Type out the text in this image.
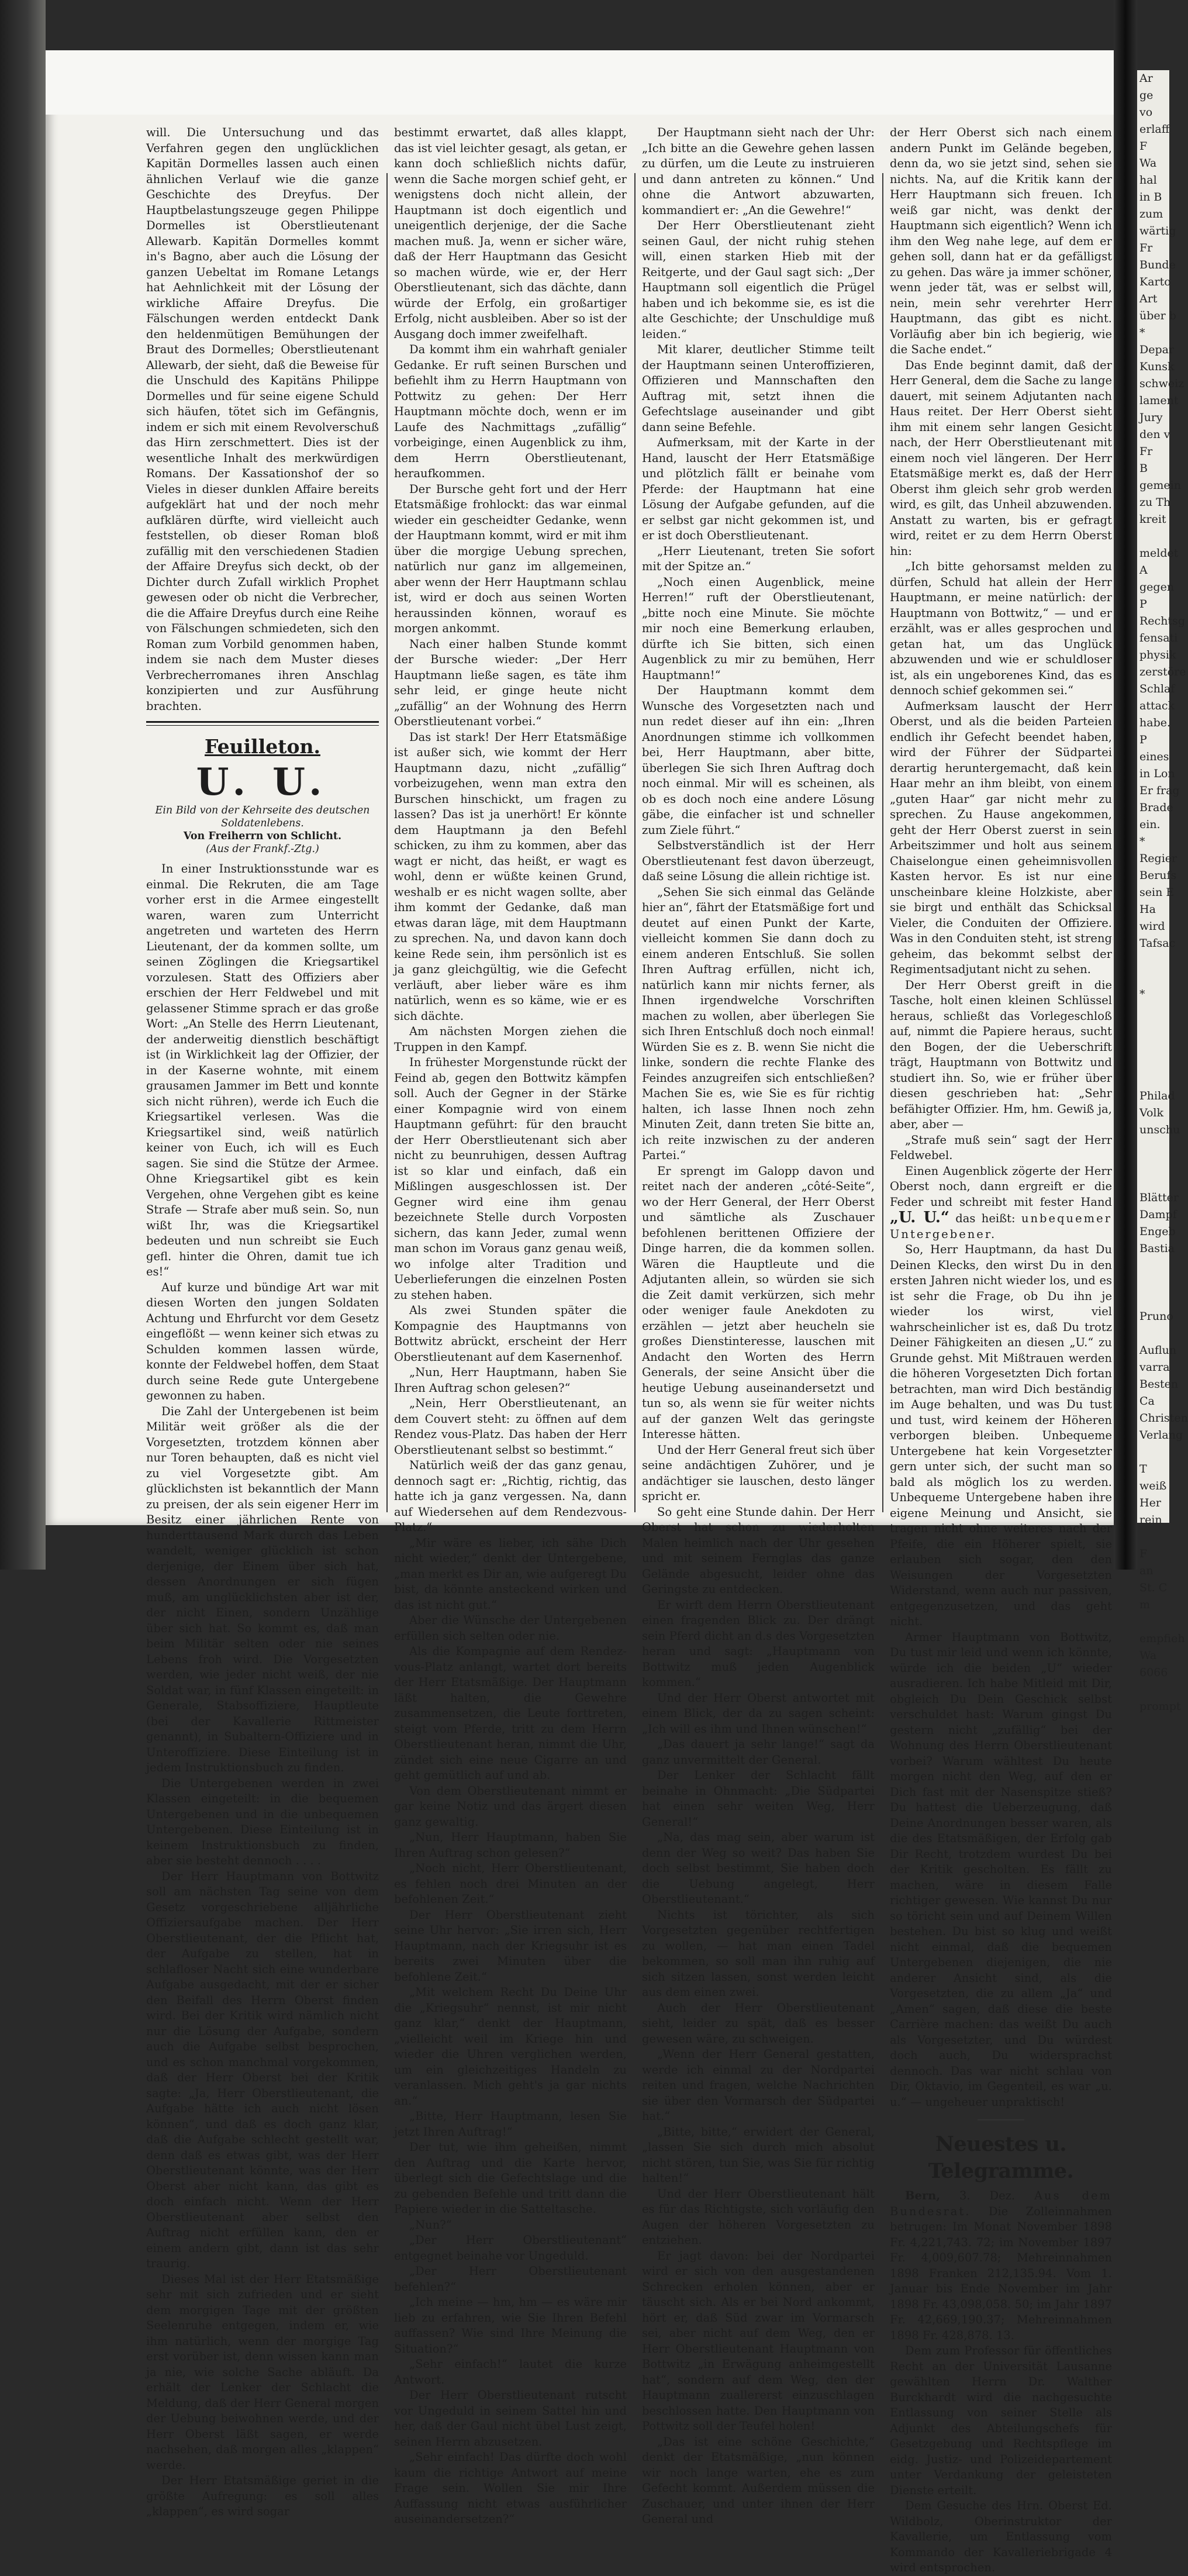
will. Die Untersuchung und das Verfahren gegen den unglücklichen Kapitän Dormelles lassen auch einen ähnlichen Verlauf wie die ganze Geschichte des Dreyfus. Der Hauptbelastungszeuge gegen Philippe Dormelles ist Oberstlieutenant Allewarb. Kapitän Dormelles kommt in's Bagno, aber auch die Lösung der ganzen Uebeltat im Romane Letangs hat Aehnlichkeit mit der Lösung der wirkliche Affaire Dreyfus. Die Fälschungen werden entdeckt Dank den heldenmütigen Bemühungen der Braut des Dormelles; Oberstlieutenant Allewarb, der sieht, daß die Beweise für die Unschuld des Kapitäns Philippe Dormelles und für seine eigene Schuld sich häufen, tötet sich im Gefängnis, indem er sich mit einem Revolverschuß das Hirn zerschmettert. Dies ist der wesentliche Inhalt des merkwürdigen Romans. Der Kassationshof der so Vieles in dieser dunklen Affaire bereits aufgeklärt hat und der noch mehr aufklären dürfte, wird vielleicht auch feststellen, ob dieser Roman bloß zufällig mit den verschiedenen Stadien der Affaire Dreyfus sich deckt, ob der Dichter durch Zufall wirklich Prophet gewesen oder ob nicht die Verbrecher, die die Affaire Dreyfus durch eine Reihe von Fälschungen schmiedeten, sich den Roman zum Vorbild genommen haben, indem sie nach dem Muster dieses Verbrecherromanes ihren Anschlag konzipierten und zur Ausführung brachten.

Feuilleton.
U. U.
Ein Bild von der Kehrseite des deutschen Soldatenlebens.
Von Freiherrn von Schlicht.
(Aus der Frankf.-Ztg.)

In einer Instruktionsstunde war es einmal. Die Rekruten, die am Tage vorher erst in die Armee eingestellt waren, waren zum Unterricht angetreten und warteten des Herrn Lieutenant, der da kommen sollte, um seinen Zöglingen die Kriegsartikel vorzulesen. Statt des Offiziers aber erschien der Herr Feldwebel und mit gelassener Stimme sprach er das große Wort: „An Stelle des Herrn Lieutenant, der anderweitig dienstlich beschäftigt ist (in Wirklichkeit lag der Offizier, der in der Kaserne wohnte, mit einem grausamen Jammer im Bett und konnte sich nicht rühren), werde ich Euch die Kriegsartikel verlesen. Was die Kriegsartikel sind, weiß natürlich keiner von Euch, ich will es Euch sagen. Sie sind die Stütze der Armee. Ohne Kriegsartikel gibt es kein Vergehen, ohne Vergehen gibt es keine Strafe — Strafe aber muß sein. So, nun wißt Ihr, was die Kriegsartikel bedeuten und nun schreibt sie Euch gefl. hinter die Ohren, damit tue ich es!“

Auf kurze und bündige Art war mit diesen Worten den jungen Soldaten Achtung und Ehrfurcht vor dem Gesetz eingeflößt — wenn keiner sich etwas zu Schulden kommen lassen würde, konnte der Feldwebel hoffen, dem Staat durch seine Rede gute Untergebene gewonnen zu haben.

Die Zahl der Untergebenen ist beim Militär weit größer als die der Vorgesetzten, trotzdem können aber nur Toren behaupten, daß es nicht viel zu viel Vorgesetzte gibt. Am glücklichsten ist bekanntlich der Mann zu preisen, der als sein eigener Herr im Besitz einer jährlichen Rente von hunderttausend Mark durch das Leben wandelt, weniger glücklich ist schon derjenige, der Einem über sich hat, dessen Anordnungen er sich fügen muß, am unglücklichsten aber ist der, der nicht Einen, sondern Unzählige über sich hat. So kommt es, daß man beim Militär selten oder nie seines Lebens froh wird. Die Vorgesetzten werden, wie jeder nicht weiß, der nie Soldat war, in fünf Klassen eingeteilt: in Generale, Stabsoffiziere, Hauptleute (bei der Kavallerie Rittmeister genannt), in Subaltern-Offiziere und in Unteroffiziere. Diese Einteilung ist in jedem Instruktionsbuch zu finden.

Die Untergebenen werden in zwei Klassen eingeteilt: in die bequemen Untergebenen und in die unbequemen Untergebenen. Diese Einteilung ist in keinem Instruktionsbuch zu finden, aber sie besteht dennoch . . . .

Der Herr Hauptmann von Bottwitz soll am nächsten Tag seine von dem Gesetz vorgeschriebene alljährliche Offiziersaufgabe machen. Der Herr Oberstlieutenant, der die Pflicht hat, der Aufgabe zu stellen, hat in schlafloser Nacht sich eine wunderbare Aufgabe ausgedacht, mit der er sicher den Beifall des Herrn Oberst finden wird. Bei der Kritik wird nämlich nicht nur die Lösung der Aufgabe, sondern auch die Aufgabe selbst besprochen, und es schon manchmal vorgekommen, daß der Herr Oberst bei der Kritik sagte: „Ja, Herr Oberstlieutenant, die Aufgabe hätte ich auch nicht lösen können“, und daß es doch ganz klar, daß die Aufgabe schlecht gestellt war, denn daß es etwas gibt, was der Herr Oberstlieutenant könnte, was der Herr Oberst aber nicht kann, das gibt es doch einfach nicht. Wenn der Herr Oberstlieutenant aber selbst den Auftrag nicht erfüllen kann, den er einem andern gibt, dann ist das sehr traurig.

Dieses Mal ist der Herr Etatsmäßige sehr mit sich zufrieden und er sieht dem morgigen Tage mit der größten Seelenruhe entgegen, indem er, wie ihm natürlich, wenn der morgige Tag erst vorüber ist, denn wissen kann man ja nie, wie solche Sache abläuft. Da erhält der Lenker der Schlacht die Meldung, daß der Herr General morgen der Uebung beiwohnen werde, und der Herr Oberst läßt sagen, er werde nachsehen, daß morgen alles „klappen“ werde.

Der Herr Etatsmäßige geriet in die größte Aufregung: es soll alles „klappen“, es wird sogar

bestimmt erwartet, daß alles klappt, das ist viel leichter gesagt, als getan, er kann doch schließlich nichts dafür, wenn die Sache morgen schief geht, er wenigstens doch nicht allein, der Hauptmann ist doch eigentlich und uneigentlich derjenige, der die Sache machen muß. Ja, wenn er sicher wäre, daß der Herr Hauptmann das Gesicht so machen würde, wie er, der Herr Oberstlieutenant, sich das dächte, dann würde der Erfolg, ein großartiger Erfolg, nicht ausbleiben. Aber so ist der Ausgang doch immer zweifelhaft.

Da kommt ihm ein wahrhaft genialer Gedanke. Er ruft seinen Burschen und befiehlt ihm zu Herrn Hauptmann von Pottwitz zu gehen: Der Herr Hauptmann möchte doch, wenn er im Laufe des Nachmittags „zufällig“ vorbeiginge, einen Augenblick zu ihm, dem Herrn Oberstlieutenant, heraufkommen.

Der Bursche geht fort und der Herr Etatsmäßige frohlockt: das war einmal wieder ein gescheidter Gedanke, wenn der Hauptmann kommt, wird er mit ihm über die morgige Uebung sprechen, natürlich nur ganz im allgemeinen, aber wenn der Herr Hauptmann schlau ist, wird er doch aus seinen Worten heraussinden können, worauf es morgen ankommt.

Nach einer halben Stunde kommt der Bursche wieder: „Der Herr Hauptmann ließe sagen, es täte ihm sehr leid, er ginge heute nicht „zufällig“ an der Wohnung des Herrn Oberstlieutenant vorbei.“

Das ist stark! Der Herr Etatsmäßige ist außer sich, wie kommt der Herr Hauptmann dazu, nicht „zufällig“ vorbeizugehen, wenn man extra den Burschen hinschickt, um fragen zu lassen? Das ist ja unerhört! Er könnte dem Hauptmann ja den Befehl schicken, zu ihm zu kommen, aber das wagt er nicht, das heißt, er wagt es wohl, denn er wüßte keinen Grund, weshalb er es nicht wagen sollte, aber ihm kommt der Gedanke, daß man etwas daran läge, mit dem Hauptmann zu sprechen. Na, und davon kann doch keine Rede sein, ihm persönlich ist es ja ganz gleichgültig, wie die Gefecht verläuft, aber lieber wäre es ihm natürlich, wenn es so käme, wie er es sich dächte.

Am nächsten Morgen ziehen die Truppen in den Kampf.

In frühester Morgenstunde rückt der Feind ab, gegen den Bottwitz kämpfen soll. Auch der Gegner in der Stärke einer Kompagnie wird von einem Hauptmann geführt: für den braucht der Herr Oberstlieutenant sich aber nicht zu beunruhigen, dessen Auftrag ist so klar und einfach, daß ein Mißlingen ausgeschlossen ist. Der Gegner wird eine ihm genau bezeichnete Stelle durch Vorposten sichern, das kann Jeder, zumal wenn man schon im Voraus ganz genau weiß, wo infolge alter Tradition und Ueberlieferungen die einzelnen Posten zu stehen haben.

Als zwei Stunden später die Kompagnie des Hauptmanns von Bottwitz abrückt, erscheint der Herr Oberstlieutenant auf dem Kasernenhof.

„Nun, Herr Hauptmann, haben Sie Ihren Auftrag schon gelesen?“

„Nein, Herr Oberstlieutenant, an dem Couvert steht: zu öffnen auf dem Rendez vous-Platz. Das haben der Herr Oberstlieutenant selbst so bestimmt.“

Natürlich weiß der das ganz genau, dennoch sagt er: „Richtig, richtig, das hatte ich ja ganz vergessen. Na, dann auf Wiedersehen auf dem Rendezvous-Platz.“

„Mir wäre es lieber, ich sähe Dich nicht wieder,“ denkt der Untergebene, „man merkt es Dir an, wie aufgeregt Du bist, da könnte ansteckend wirken und das ist nicht gut.“

Aber die Wünsche der Untergebenen erfüllen sich selten oder nie.

Als die Kompagnie auf dem Rendez-vous-Platz anlangt, wartet dort bereits der Herr Etatsmäßige. Der Hauptmann läßt halten, die Gewehre zusammensetzen, die Leute forttreten, steigt vom Pferde, tritt zu dem Herrn Oberstlieutenant heran, nimmt die Uhr, zündet sich eine neue Cigarre an und geht gemütlich auf und ab.

Von dem Oberstlieutenant nimmt er gar keine Notiz und das ärgert diesen ganz gewaltig.

„Nun, Herr Hauptmann, haben Sie Ihren Auftrag schon gelesen?“

„Noch nicht, Herr Oberstlieutenant, es fehlen noch drei Minuten an der befohlenen Zeit.“

Der Herr Oberstlieutenant zieht seine Uhr hervor: „Sie irren sich, Herr Hauptmann, nach der Kriegsuhr ist es bereits zwei Minuten über die befohlene Zeit.“

„Mit welchem Recht Du Deine Uhr die „Kriegsuhr“ nennst, ist mir nicht ganz klar,“ denkt der Hauptmann, „vielleicht weil im Kriege hin und wieder die Uhren verglichen werden, um ein gleichzeitiges Handeln zu veranlassen. Mich geht's ja gar nichts an.“

„Bitte, Herr Hauptmann, lesen Sie jetzt Ihren Auftrag!“

Der tut, wie ihm geheißen, nimmt den Auftrag und die Karte hervor, überlegt sich die Gefechtslage und die zu gebenden Befehle und tritt dann die Papiere wieder in die Satteltasche.

„Nun?“

„Der Herr Oberstlieutenant“ entgegnet beinahe vor Ungeduld.

„Der Herr Oberstlieutenant befehlen?“

„Ich meine — hm, hm — es wäre mir lieb zu erfahren, wie Sie Ihren Befehl auffassen? Wie sind Ihre Meinung die Situation?“

„Sehr einfach!“ lautet die kurze Antwort.

Der Herr Oberstlieutenant rutscht vor Ungeduld in seinem Sattel hin und her, daß der Gaul nicht übel Lust zeigt, seinen Herrn abzusetzen.

„Sehr einfach! Das dürfte doch wohl kaum die richtige Antwort auf meine Frage sein. Wollen Sie mir Ihre Auffassung nicht etwas ausführlicher auseinandersetzen?“

Der Hauptmann sieht nach der Uhr: „Ich bitte an die Gewehre gehen lassen zu dürfen, um die Leute zu instruieren und dann antreten zu können.“ Und ohne die Antwort abzuwarten, kommandiert er: „An die Gewehre!“

Der Herr Oberstlieutenant zieht seinen Gaul, der nicht ruhig stehen will, einen starken Hieb mit der Reitgerte, und der Gaul sagt sich: „Der Hauptmann soll eigentlich die Prügel haben und ich bekomme sie, es ist die alte Geschichte; der Unschuldige muß leiden.“

Mit klarer, deutlicher Stimme teilt der Hauptmann seinen Unteroffizieren, Offizieren und Mannschaften den Auftrag mit, setzt ihnen die Gefechtslage auseinander und gibt dann seine Befehle.

Aufmerksam, mit der Karte in der Hand, lauscht der Herr Etatsmäßige und plötzlich fällt er beinahe vom Pferde: der Hauptmann hat eine Lösung der Aufgabe gefunden, auf die er selbst gar nicht gekommen ist, und er ist doch Oberstlieutenant.

„Herr Lieutenant, treten Sie sofort mit der Spitze an.“

„Noch einen Augenblick, meine Herren!“ ruft der Oberstlieutenant, „bitte noch eine Minute. Sie möchte mir noch eine Bemerkung erlauben, dürfte ich Sie bitten, sich einen Augenblick zu mir zu bemühen, Herr Hauptmann!“

Der Hauptmann kommt dem Wunsche des Vorgesetzten nach und nun redet dieser auf ihn ein: „Ihren Anordnungen stimme ich vollkommen bei, Herr Hauptmann, aber bitte, überlegen Sie sich Ihren Auftrag doch noch einmal. Mir will es scheinen, als ob es doch noch eine andere Lösung gäbe, die einfacher ist und schneller zum Ziele führt.“

Selbstverständlich ist der Herr Oberstlieutenant fest davon überzeugt, daß seine Lösung die allein richtige ist.

„Sehen Sie sich einmal das Gelände hier an“, fährt der Etatsmäßige fort und deutet auf einen Punkt der Karte, vielleicht kommen Sie dann doch zu einem anderen Entschluß. Sie sollen Ihren Auftrag erfüllen, nicht ich, natürlich kann mir nichts ferner, als Ihnen irgendwelche Vorschriften machen zu wollen, aber überlegen Sie sich Ihren Entschluß doch noch einmal! Würden Sie es z. B. wenn Sie nicht die linke, sondern die rechte Flanke des Feindes anzugreifen sich entschließen? Machen Sie es, wie Sie es für richtig halten, ich lasse Ihnen noch zehn Minuten Zeit, dann treten Sie bitte an, ich reite inzwischen zu der anderen Partei.“

Er sprengt im Galopp davon und reitet nach der anderen „côté-Seite“, wo der Herr General, der Herr Oberst und sämtliche als Zuschauer befohlenen berittenen Offiziere der Dinge harren, die da kommen sollen. Wären die Hauptleute und die Adjutanten allein, so würden sie sich die Zeit damit verkürzen, sich mehr oder weniger faule Anekdoten zu erzählen — jetzt aber heucheln sie großes Dienstinteresse, lauschen mit Andacht den Worten des Herrn Generals, der seine Ansicht über die heutige Uebung auseinandersetzt und tun so, als wenn sie für weiter nichts auf der ganzen Welt das geringste Interesse hätten.

Und der Herr General freut sich über seine andächtigen Zuhörer, und je andächtiger sie lauschen, desto länger spricht er.

So geht eine Stunde dahin. Der Herr Oberst hat schon zu wiederholten Malen heimlich nach der Uhr gesehen und mit seinem Fernglas das ganze Gelände abgesucht, leider ohne das Geringste zu entdecken.

Er wirft dem Herrn Oberstlieutenant einen fragenden Blick zu. Der drängt sein Pferd dicht an d.s des Vorgesetzten heran und sagt: „Hauptmann von Bottwitz muß jeden Augenblick kommen.“

Und der Herr Oberst antwortet mit einem Blick, der da zu sagen scheint: „Ich will es ihm und Ihnen wünschen!“

„Das dauert ja sehr lange!“ sagt da ganz unvermittelt der General.

Der Lenker der Schlacht fällt beinahe in Ohnmacht: „Die Südpartei hat einen sehr weiten Weg, Herr General!“

„Na, das mag sein, aber warum ist denn der Weg so weit? Das haben Sie doch selbst bestimmt, Sie haben doch die Uebung angelegt, Herr Oberstlieutenant.“

Nichts ist törichter, als sich Vorgesetzten gegenüber rechtfertigen zu wollen, — hat man einen Tadel bekommen, so soll man ihn ruhig auf sich sitzen lassen, sonst werden leicht aus dem einen zwei.

Auch der Herr Oberstlieutenant sieht, leider zu spät, daß es besser gewesen wäre, zu schweigen.

„Wenn der Herr General gestatten, werde ich einmal zu der Nordpartei reiten und fragen, welche Nachrichten sie über den Vormarsch der Südpartei hat.“

„Bitte, bitte,“ erwidert der General, „lassen Sie sich durch mich absolut nicht stören, tun Sie, was Sie für richtig halten!“

Und der Herr Oberstlieutenant hält es für das Richtigste, sich vorläufig den Augen der höheren Vorgesetzten zu entziehen.

Er jagt davon: bei der Nordpartei wird er sich von den ausgestandenen Schrecken erholen können, aber er täuscht sich. Als er bei Nord ankommt, hört er, daß Süd zwar im Vormarsch sei, aber nicht auf dem Weg, den er Herr Oberstlieutenant Hauptmann von Bottwitz „in Erwägung anheimgestellt hat“, sondern auf dem Weg, den der Hauptmann zuallererst einzuschlagen beschlossen hatte. Den Hauptmann von Pottwitz soll der Teufel holen!

„Das ist eine schöne Geschichte,“ denkt der Etatsmäßige, „nun können wir noch lange warten, ehe es zum Gefecht kommt. Außerdem müssen die Zuschauer, und unter ihnen der Herr General und

der Herr Oberst sich nach einem andern Punkt im Gelände begeben, denn da, wo sie jetzt sind, sehen sie nichts. Na, auf die Kritik kann der Herr Hauptmann sich freuen. Ich weiß gar nicht, was denkt der Hauptmann sich eigentlich? Wenn ich ihm den Weg nahe lege, auf dem er gehen soll, dann hat er da gefälligst zu gehen. Das wäre ja immer schöner, wenn jeder tät, was er selbst will, nein, mein sehr verehrter Herr Hauptmann, das gibt es nicht. Vorläufig aber bin ich begierig, wie die Sache endet.“

Das Ende beginnt damit, daß der Herr General, dem die Sache zu lange dauert, mit seinem Adjutanten nach Haus reitet. Der Herr Oberst sieht ihm mit einem sehr langen Gesicht nach, der Herr Oberstlieutenant mit einem noch viel längeren. Der Herr Etatsmäßige merkt es, daß der Herr Oberst ihm gleich sehr grob werden wird, es gilt, das Unheil abzuwenden. Anstatt zu warten, bis er gefragt wird, reitet er zu dem Herrn Oberst hin:

„Ich bitte gehorsamst melden zu dürfen, Schuld hat allein der Herr Hauptmann, er meine natürlich: der Hauptmann von Bottwitz,“ — und er erzählt, was er alles gesprochen und getan hat, um das Unglück abzuwenden und wie er schuldloser ist, als ein ungeborenes Kind, das es dennoch schief gekommen sei.“

Aufmerksam lauscht der Herr Oberst, und als die beiden Parteien endlich ihr Gefecht beendet haben, wird der Führer der Südpartei derartig heruntergemacht, daß kein Haar mehr an ihm bleibt, von einem „guten Haar“ gar nicht mehr zu sprechen. Zu Hause angekommen, geht der Herr Oberst zuerst in sein Arbeitszimmer und holt aus seinem Chaiselongue einen geheimnisvollen Kasten hervor. Es ist nur eine unscheinbare kleine Holzkiste, aber sie birgt und enthält das Schicksal Vieler, die Conduiten der Offiziere. Was in den Conduiten steht, ist streng geheim, das bekommt selbst der Regimentsadjutant nicht zu sehen.

Der Herr Oberst greift in die Tasche, holt einen kleinen Schlüssel heraus, schließt das Vorlegeschloß auf, nimmt die Papiere heraus, sucht den Bogen, der die Ueberschrift trägt, Hauptmann von Bottwitz und studiert ihn. So, wie er früher über diesen geschrieben hat: „Sehr befähigter Offizier. Hm, hm. Gewiß ja, aber, aber —

„Strafe muß sein“ sagt der Herr Feldwebel.

Einen Augenblick zögerte der Herr Oberst noch, dann ergreift er die Feder und schreibt mit fester Hand „U. U.“ das heißt: unbequemer Untergebener.

So, Herr Hauptmann, da hast Du Deinen Klecks, den wirst Du in den ersten Jahren nicht wieder los, und es ist sehr die Frage, ob Du ihn je wieder los wirst, viel wahrscheinlicher ist es, daß Du trotz Deiner Fähigkeiten an diesen „U.“ zu Grunde gehst. Mit Mißtrauen werden die höheren Vorgesetzten Dich fortan betrachten, man wird Dich beständig im Auge behalten, und was Du tust und tust, wird keinem der Höheren verborgen bleiben. Unbequeme Untergebene hat kein Vorgesetzter gern unter sich, der sucht man so bald als möglich los zu werden. Unbequeme Untergebene haben ihre eigene Meinung und Ansicht, sie tragen nicht ohne weiteres nach der Pfeife, die ein Höherer spielt, sie erlauben sich sogar, den den Weisungen der Vorgesetzten Widerstand, wenn auch nur passiven, entgegenzusetzen, und das geht nicht.

Armer Hauptmann von Bottwitz, Du tust mir leid und wenn ich könnte, würde ich die beiden „U“ wieder ausradieren. Ich habe Mitleid mit Dir, obgleich Du Dein Geschick selbst verschuldet hast: Warum gingst Du gestern nicht „zufällig“ bei der Wohnung des Herrn Oberstlieutenant vorbei? Warum wähltest Du heute morgen nicht den Weg, auf den er Dich fast mit der Nasenspitze stieß? Du hattest die Ueberzeugung, daß Deine Anordnungen besser waren, als die des Etatsmäßigen, der Erfolg gab Dir Recht, trotzdem wurdest Du bei der Kritik gescholten. Es fällt zu machen, wäre in diesem Falle richtiger gewesen. Wie kannst Du nur so töricht sein und auf Deinem Willen bestehen. Du bist so klug und weißt nicht einmal, daß die bequemen Untergebenen diejenigen, die nie anderer Ansicht sind, als die Vorgesetzten, die zu allem „Ja“ und „Amen“ sagen, daß diese die beste Carrière machen: das weißt Du auch als Vorgesetzter, und Du würdest doch auch, Du widersprachst dennoch. Das war nicht schlau von Dir, Oktavio, im Gegenteil, es war „u. u.“ — ungeheuer unpraktisch!

Neuestes u. Telegramme.

Bern, 3. Dez. Aus dem Bundesrat. Die Zolleinnahmen betrugen: Im Monat November 1898 Fr. 4,221,743. 72; im November 1897 Fr. 4,009,607.78; Mehreinnahmen 1898 Franken 212,135.94. Vom 1. Januar bis Ende November im Jahr 1898 Fr. 43,098,058. 50; im Jahr 1897 Fr. 42,669,190.37; Mehreinnahmen 1898 Fr. 428,878. 13.

Dem zum Professor für öffentliches Recht an der Universität Lausanne gewählten Herrn Dr. Walther Burckhardt wird die nachgesuchte Entlassung von seiner Stelle als Adjunkt des Abteilungschefs für Gesetzgebung und Rechtspflege im eidg. Justiz- und Polizeidepartement unter Verdankung der geleisteten Dienste erteilt.

Dem Gesuche des Hrn. Oberst Ed. Wildbolz, Oberinstruktor der Kavallerie, um Entlassung vom Kommando der Kavalleriebrigade 4 wird entsprochen.

Ar
ge
vo
erlaff
F
Wa
hal
in B
zum
wärtig
Fr
Bunde
Karto
Art
über b
*
Depar
Kunsk
schweiz
lament
Jury
den v
Fr
B
gemein
zu Th
kreit

meldet
A
gegen
P
Rechtsg
fensati
physik
zerstöre
Schlaf
attack
habe.
P
eines
in Lon
Er frag
Brade
ein.
*
Regier
Berufs
sein E
Ha
wird
Tafsac

*

Philad
Volk
unschu

Blätter
Dampf
Engeb
Bastia

Pruno

Auflun
varra
Besten
Ca
Christen
Verlang

T
weiß
Her
rein

F
an
St. C
m

empfieh
Wa
6066

prompt
